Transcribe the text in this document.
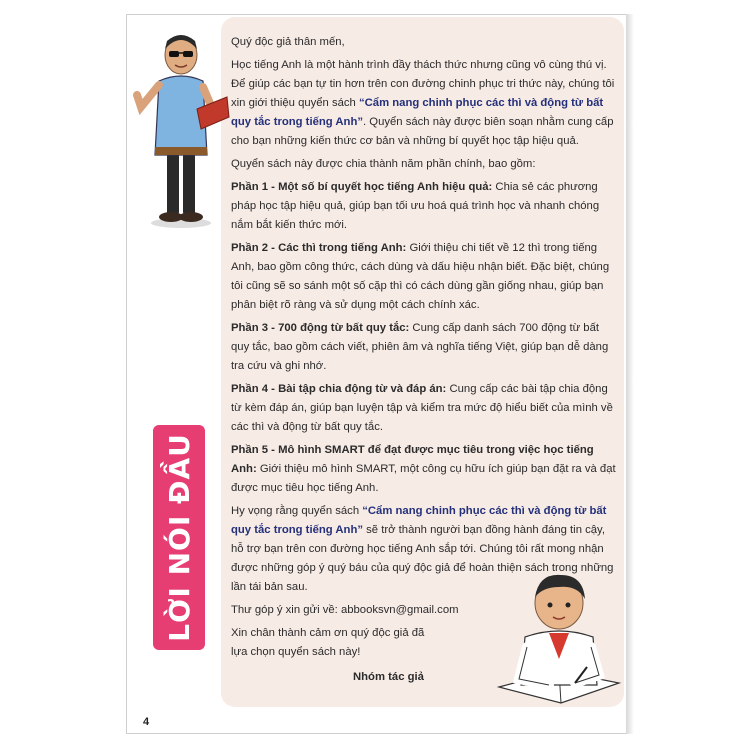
LỜI NÓI ĐẦU

Quý độc giả thân mến,

Học tiếng Anh là một hành trình đầy thách thức nhưng cũng vô cùng thú vị. Để giúp các bạn tự tin hơn trên con đường chinh phục tri thức này, chúng tôi xin giới thiệu quyển sách “Cẩm nang chinh phục các thì và động từ bất quy tắc trong tiếng Anh”. Quyển sách này được biên soạn nhằm cung cấp cho bạn những kiến thức cơ bản và những bí quyết học tập hiệu quả.

Quyển sách này được chia thành năm phần chính, bao gồm:

Phần 1 - Một số bí quyết học tiếng Anh hiệu quả: Chia sẻ các phương pháp học tập hiệu quả, giúp bạn tối ưu hoá quá trình học và nhanh chóng nắm bắt kiến thức mới.

Phần 2 - Các thì trong tiếng Anh: Giới thiệu chi tiết về 12 thì trong tiếng Anh, bao gồm công thức, cách dùng và dấu hiệu nhận biết. Đặc biệt, chúng tôi cũng sẽ so sánh một số cặp thì có cách dùng gần giống nhau, giúp bạn phân biệt rõ ràng và sử dụng một cách chính xác.

Phần 3 - 700 động từ bất quy tắc: Cung cấp danh sách 700 động từ bất quy tắc, bao gồm cách viết, phiên âm và nghĩa tiếng Việt, giúp bạn dễ dàng tra cứu và ghi nhớ.

Phần 4 - Bài tập chia động từ và đáp án: Cung cấp các bài tập chia động từ kèm đáp án, giúp bạn luyện tập và kiểm tra mức độ hiểu biết của mình về các thì và động từ bất quy tắc.

Phần 5 - Mô hình SMART để đạt được mục tiêu trong việc học tiếng Anh: Giới thiệu mô hình SMART, một công cụ hữu ích giúp bạn đặt ra và đạt được mục tiêu học tiếng Anh.

Hy vọng rằng quyển sách “Cẩm nang chinh phục các thì và động từ bất quy tắc trong tiếng Anh” sẽ trở thành người bạn đồng hành đáng tin cậy, hỗ trợ bạn trên con đường học tiếng Anh sắp tới. Chúng tôi rất mong nhận được những góp ý quý báu của quý độc giả để hoàn thiện sách trong những lần tái bản sau.

Thư góp ý xin gửi về: abbooksvn@gmail.com

Xin chân thành cảm ơn quý độc giả đã lựa chọn quyển sách này!

Nhóm tác giả

4
